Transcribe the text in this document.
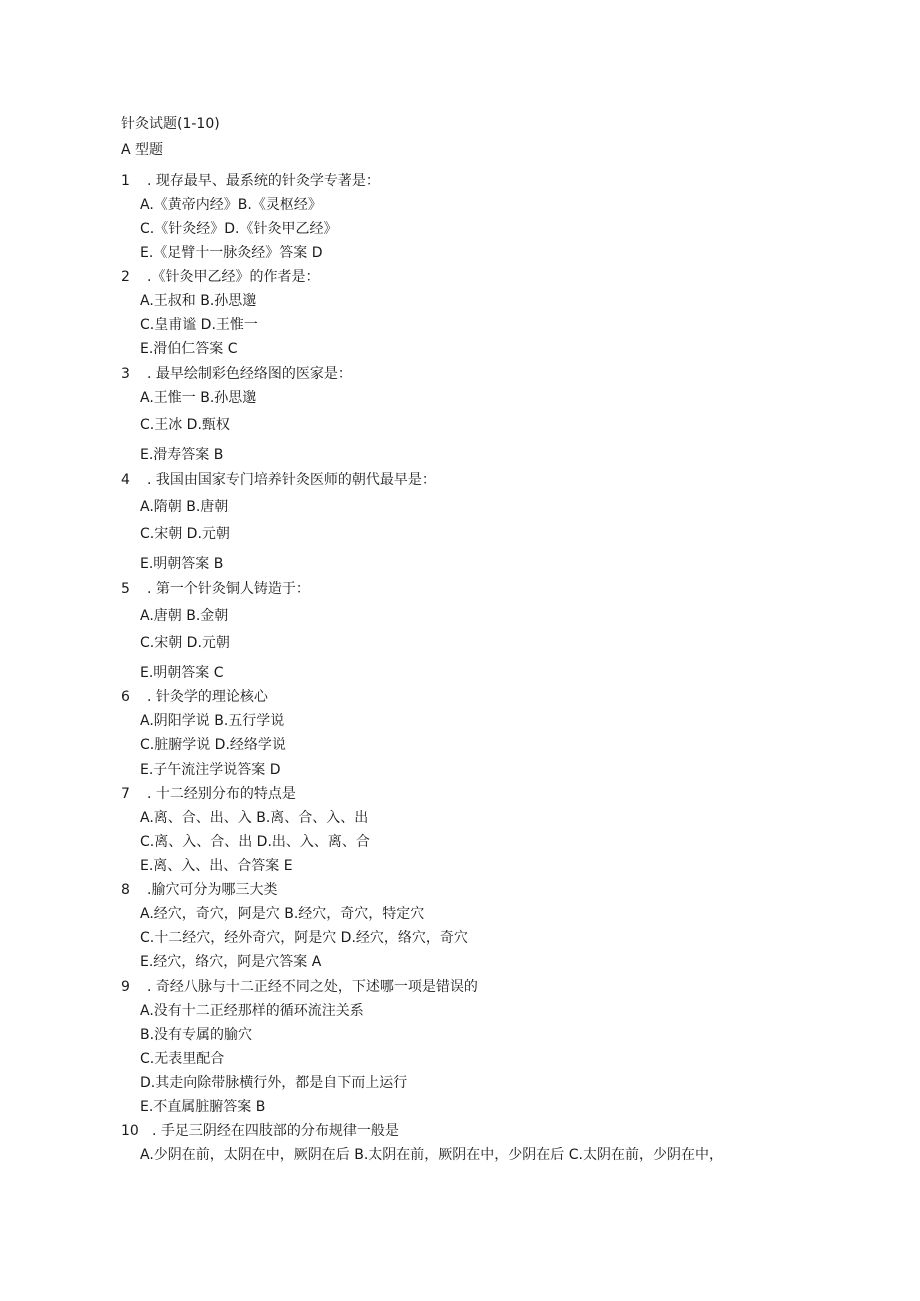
针灸试题(1-10)
A 型题
1 . 现存最早、最系统的针灸学专著是：
A.《黄帝内经》B.《灵枢经》
C.《针灸经》D.《针灸甲乙经》
E.《足臂十一脉灸经》答案 D
2 .《针灸甲乙经》的作者是：
A.王叔和 B.孙思邈
C.皇甫谧 D.王惟一
E.滑伯仁答案 C
3 . 最早绘制彩色经络图的医家是：
A.王惟一 B.孙思邈
C.王冰 D.甄权
E.滑寿答案 B
4 . 我国由国家专门培养针灸医师的朝代最早是：
A.隋朝 B.唐朝
C.宋朝 D.元朝
E.明朝答案 B
5 . 第一个针灸铜人铸造于：
A.唐朝 B.金朝
C.宋朝 D.元朝
E.明朝答案 C
6 . 针灸学的理论核心
A.阴阳学说 B.五行学说
C.脏腑学说 D.经络学说
E.子午流注学说答案 D
7 . 十二经别分布的特点是
A.离、合、出、入 B.离、合、入、出
C.离、入、合、出 D.出、入、离、合
E.离、入、出、合答案 E
8 .腧穴可分为哪三大类
A.经穴，奇穴，阿是穴 B.经穴，奇穴，特定穴
C.十二经穴，经外奇穴，阿是穴 D.经穴，络穴，奇穴
E.经穴，络穴，阿是穴答案 A
9 . 奇经八脉与十二正经不同之处，下述哪一项是错误的
A.没有十二正经那样的循环流注关系
B.没有专属的腧穴
C.无表里配合
D.其走向除带脉横行外，都是自下而上运行
E.不直属脏腑答案 B
10 . 手足三阴经在四肢部的分布规律一般是
A.少阴在前，太阴在中，厥阴在后 B.太阴在前，厥阴在中，少阴在后 C.太阴在前，少阴在中，
